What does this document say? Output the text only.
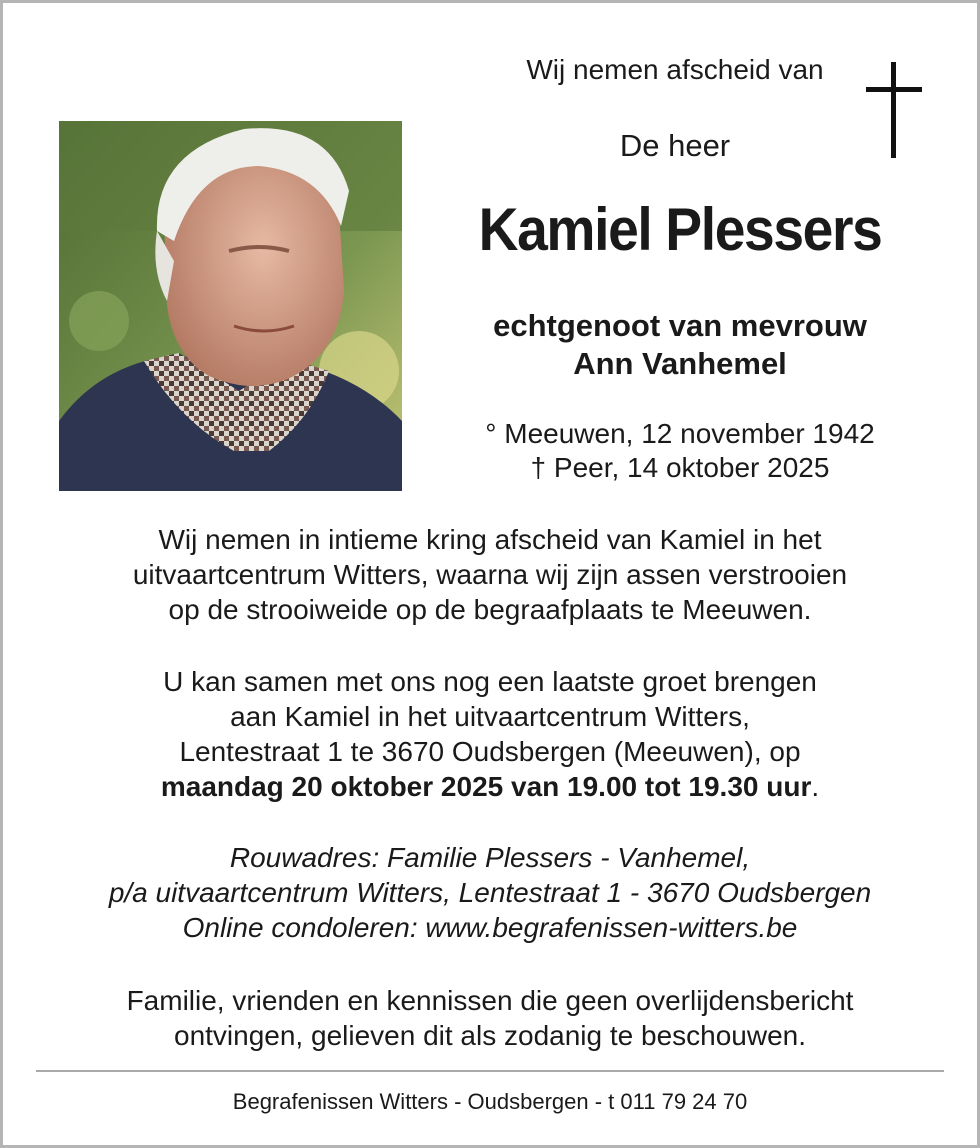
Wij nemen afscheid van
De heer
Kamiel Plessers
echtgenoot van mevrouw
Ann Vanhemel
° Meeuwen, 12 november 1942
† Peer, 14 oktober 2025
Wij nemen in intieme kring afscheid van Kamiel in het
uitvaartcentrum Witters, waarna wij zijn assen verstrooien
op de strooiweide op de begraafplaats te Meeuwen.
U kan samen met ons nog een laatste groet brengen
aan Kamiel in het uitvaartcentrum Witters,
Lentestraat 1 te 3670 Oudsbergen (Meeuwen), op
maandag 20 oktober 2025 van 19.00 tot 19.30 uur.
Rouwadres: Familie Plessers - Vanhemel,
p/a uitvaartcentrum Witters, Lentestraat 1 - 3670 Oudsbergen
Online condoleren: www.begrafenissen-witters.be
Familie, vrienden en kennissen die geen overlijdensbericht
ontvingen, gelieven dit als zodanig te beschouwen.
Begrafenissen Witters - Oudsbergen - t 011 79 24 70
